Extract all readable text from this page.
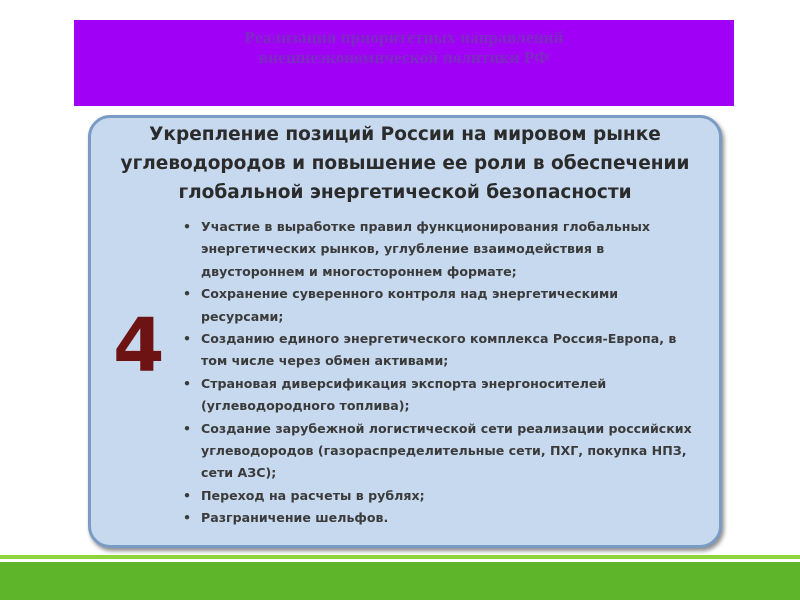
Реализация приоритетных направлений
внешнеэкономической политики РФ
Укрепление позиций России на мировом рынке
углеводородов и повышение ее роли в обеспечении
глобальной энергетической безопасности
4
• Участие в выработке правил функционирования глобальных
энергетических рынков, углубление взаимодействия в
двустороннем и многостороннем формате;
• Сохранение суверенного контроля над энергетическими
ресурсами;
• Созданию единого энергетического комплекса Россия-Европа, в
том числе через обмен активами;
• Страновая диверсификация экспорта энергоносителей
(углеводородного топлива);
• Создание зарубежной логистической сети реализации российских
углеводородов (газораспределительные сети, ПХГ, покупка НПЗ,
сети АЗС);
• Переход на расчеты в рублях;
• Разграничение шельфов.
